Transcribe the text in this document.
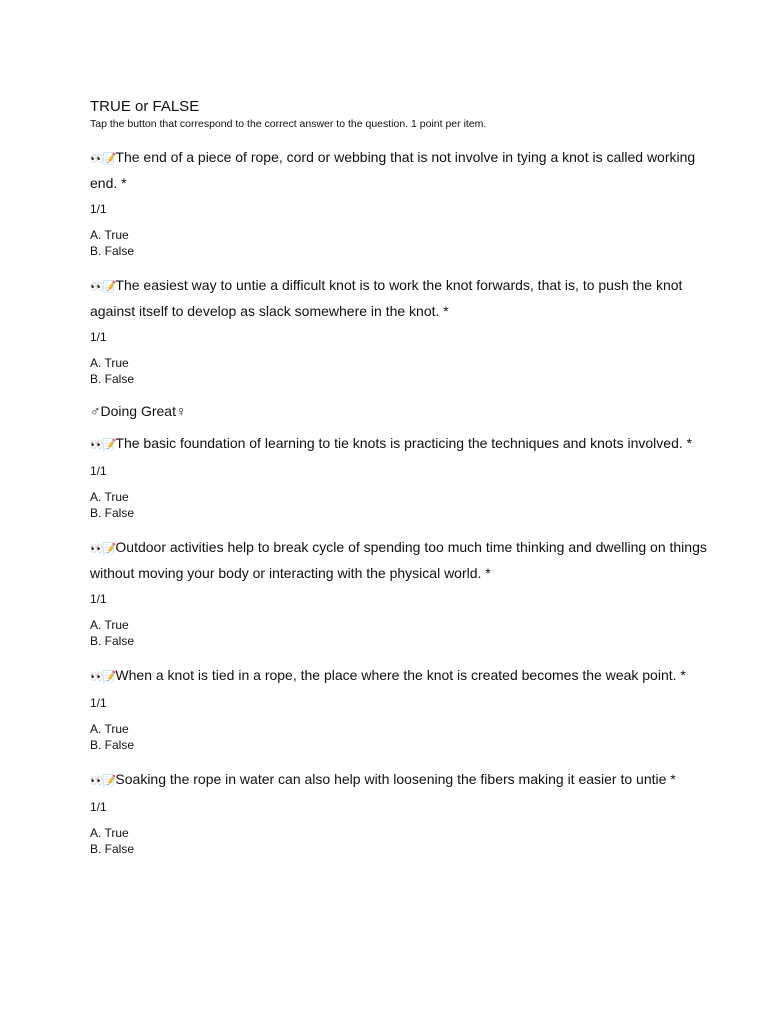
TRUE or FALSE

Tap the button that correspond to the correct answer to the question. 1 point per item.

👀📝The end of a piece of rope, cord or webbing that is not involve in tying a knot is called working end. *

1/1
A. True
B. False

👀📝The easiest way to untie a difficult knot is to work the knot forwards, that is, to push the knot against itself to develop as slack somewhere in the knot. *

1/1
A. True
B. False

♂Doing Great♀

👀📝The basic foundation of learning to tie knots is practicing the techniques and knots involved. *

1/1
A. True
B. False

👀📝Outdoor activities help to break cycle of spending too much time thinking and dwelling on things without moving your body or interacting with the physical world. *

1/1
A. True
B. False

👀📝When a knot is tied in a rope, the place where the knot is created becomes the weak point. *

1/1
A. True
B. False

👀📝Soaking the rope in water can also help with loosening the fibers making it easier to untie *

1/1
A. True
B. False
